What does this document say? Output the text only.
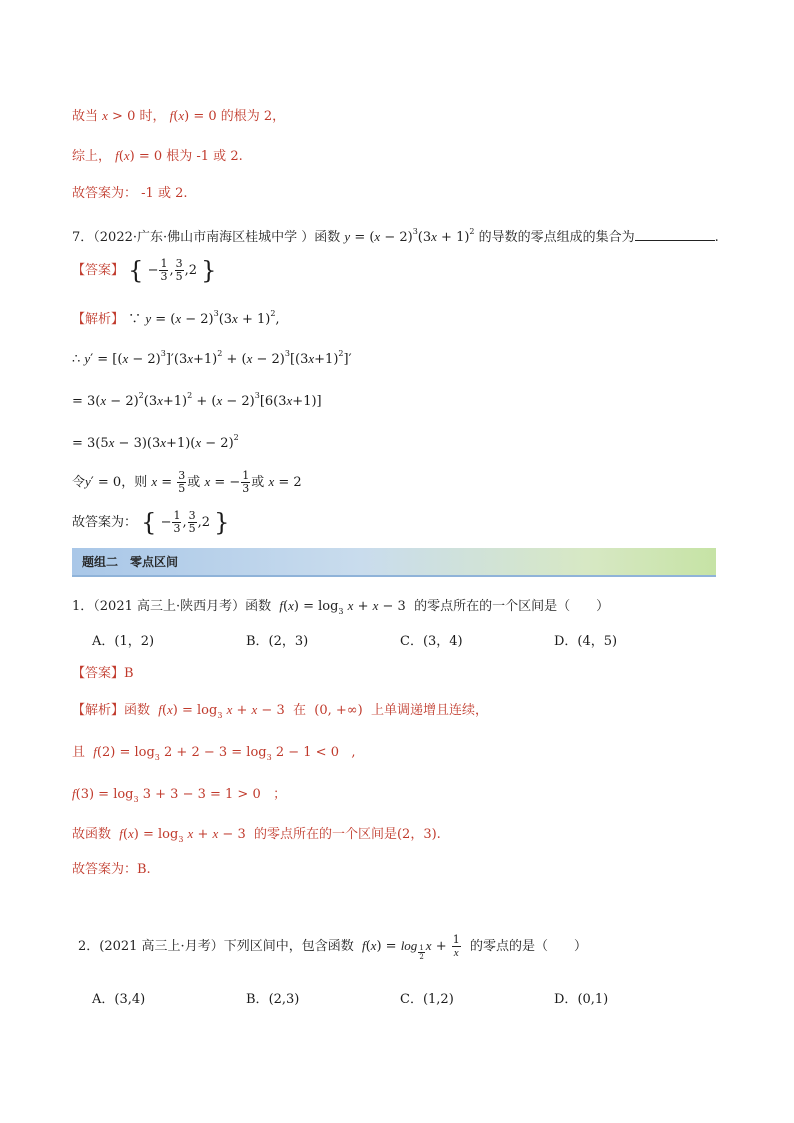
故当 x > 0 时， f(x) = 0 的根为 2，
综上， f(x) = 0 根为 -1 或 2.
故答案为： -1 或 2.
7．（2022·广东·佛山市南海区桂城中学 ）函数 $y = (x - 2)^3(3x + 1)^2$ 的导数的零点组成的集合为	.
【答案】 { − $\frac{1}{3}$ , $\frac{3}{5} ,2$ }
【解析】 ∵ $y = (x - 2)^3(3x + 1)^2$,
∴ $y' = [(x - 2)^3]'(3x+1)^2 + (x - 2)^3[(3x+1)^2]'$
= $3(x - 2)^2(3x+1)^2 + (x - 2)^3[6(3x+1)]$
= $3(5x - 3)(3x+1)(x - 2)^2$
令y′ = 0，则 $x = \frac{3}{5}$ 或 x = − $\frac{1}{3}$ 或 x = 2
故答案为： { − $\frac{1}{3}$ , $\frac{3}{5} ,2$ }
题组二　零点区间
1．（2021 高三上·陕西月考）函数 $f(x) = \log_3 x + x - 3$  的零点所在的一个区间是（　　）
A．(1，2)	B．(2，3)	C．(3，4)	D．(4，5)
【答案】B
【解析】函数 $f(x) = \log_3 x + x - 3$  在  (0, +∞)  上单调递增且连续，
且 $f(2) = \log_3 2 + 2 - 3 = \log_3 2 - 1 < 0$   ,
$f(3) = \log_3 3 + 3 - 3 = 1 > 0$   ；
故函数 $f(x) = \log_3 x + x - 3$  的零点所在的一个区间是(2，3).
故答案为：B.
2．(2021 高三上·月考）下列区间中，包含函数 f(x) = log $_{\frac{1}{2}}$ $x + \frac{1}{x}$ 的零点的是（　　）
A．(3,4)	B．(2,3)	C．(1,2)	D．(0,1)
